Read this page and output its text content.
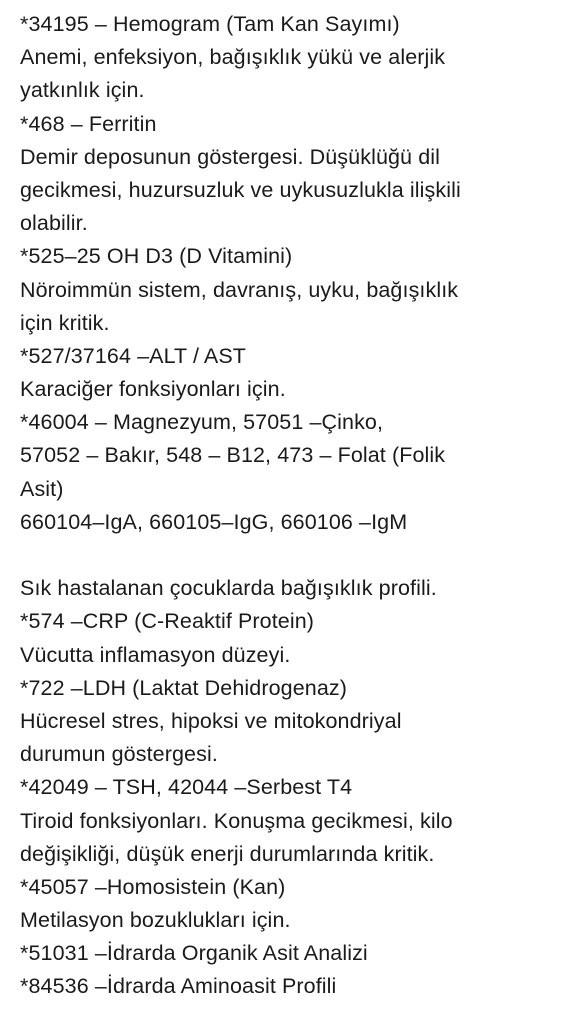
*34195 – Hemogram (Tam Kan Sayımı)
Anemi, enfeksiyon, bağışıklık yükü ve alerjik
yatkınlık için.
*468 – Ferritin
Demir deposunun göstergesi. Düşüklüğü dil
gecikmesi, huzursuzluk ve uykusuzlukla ilişkili
olabilir.
*525–25 OH D3 (D Vitamini)
Nöroimmün sistem, davranış, uyku, bağışıklık
için kritik.
*527/37164 –ALT / AST
Karaciğer fonksiyonları için.
*46004 – Magnezyum, 57051 –Çinko,
57052 – Bakır, 548 – B12, 473 – Folat (Folik
Asit)
660104–IgA, 660105–IgG, 660106 –IgM
Sık hastalanan çocuklarda bağışıklık profili.
*574 –CRP (C-Reaktif Protein)
Vücutta inflamasyon düzeyi.
*722 –LDH (Laktat Dehidrogenaz)
Hücresel stres, hipoksi ve mitokondriyal
durumun göstergesi.
*42049 – TSH, 42044 –Serbest T4
Tiroid fonksiyonları. Konuşma gecikmesi, kilo
değişikliği, düşük enerji durumlarında kritik.
*45057 –Homosistein (Kan)
Metilasyon bozuklukları için.
*51031 –İdrarda Organik Asit Analizi
*84536 –İdrarda Aminoasit Profili
